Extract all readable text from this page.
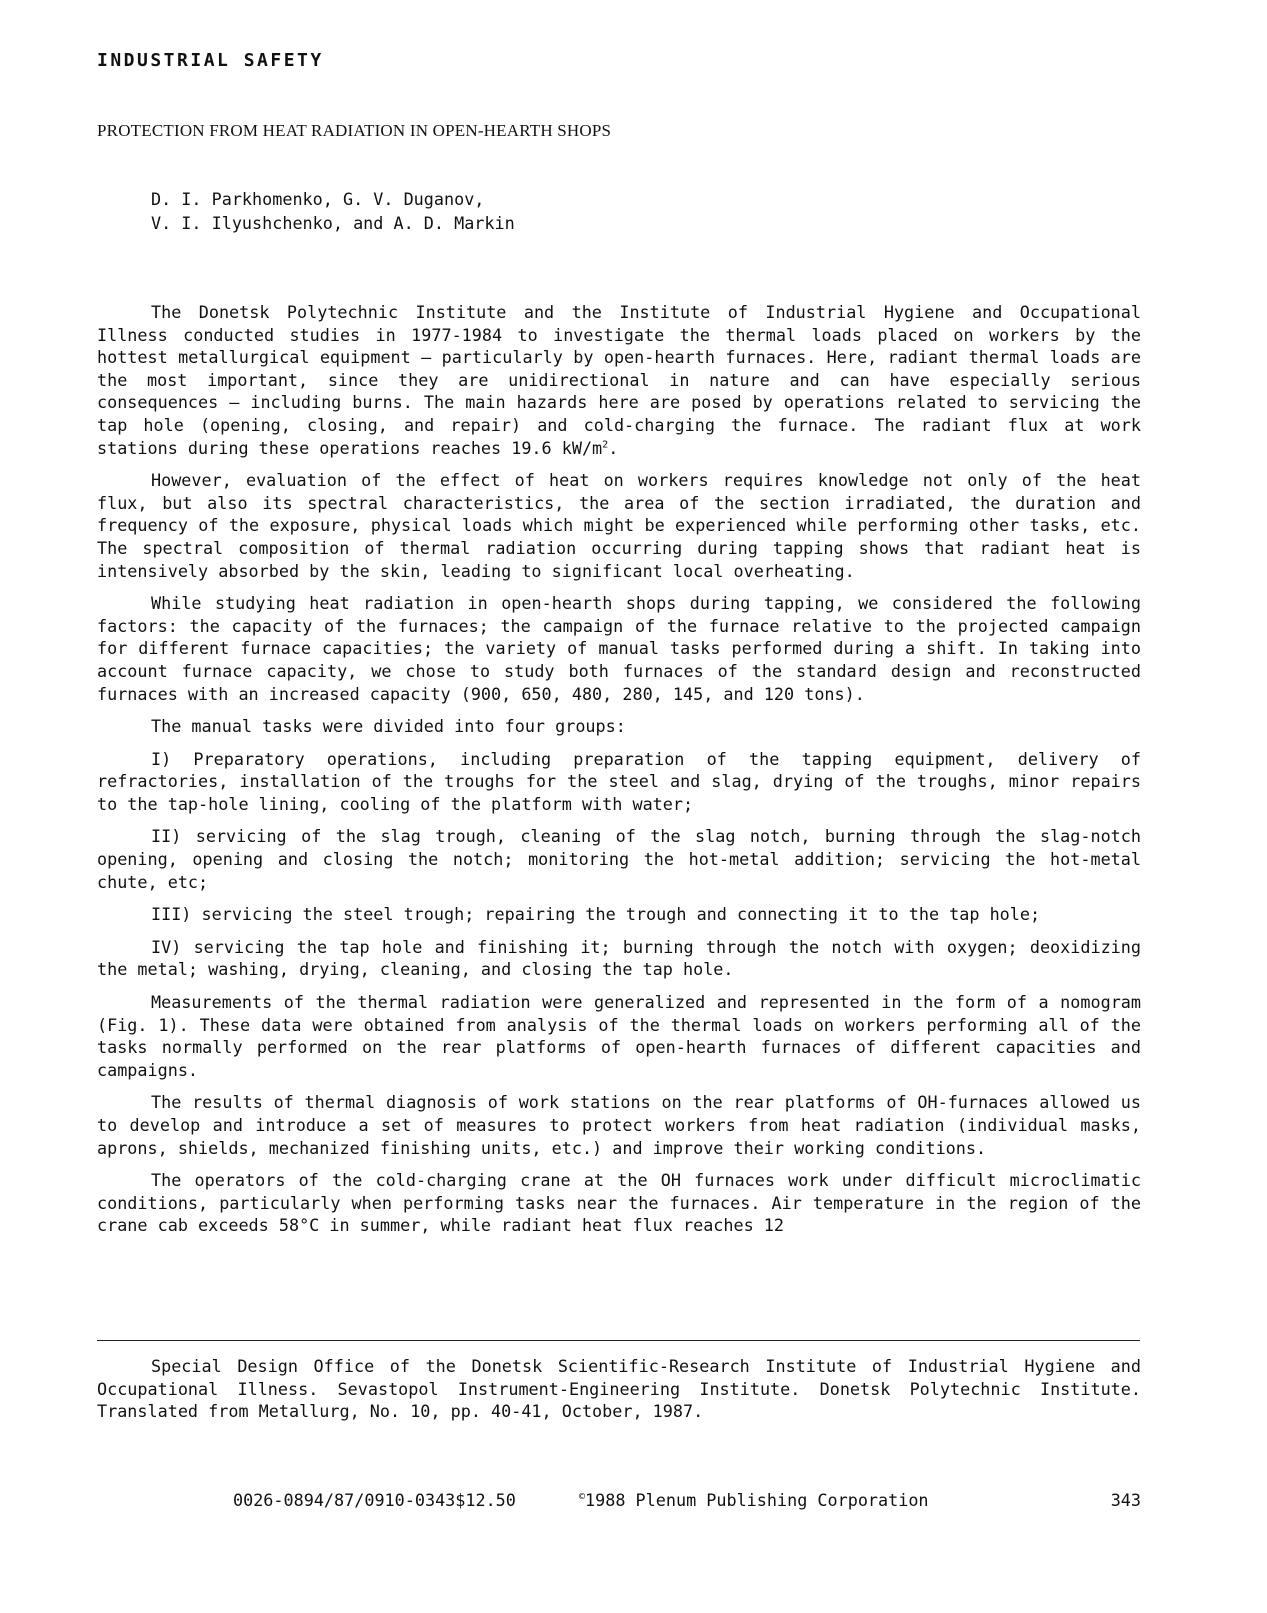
INDUSTRIAL SAFETY
PROTECTION FROM HEAT RADIATION IN OPEN-HEARTH SHOPS
D. I. Parkhomenko, G. V. Duganov,
V. I. Ilyushchenko, and A. D. Markin

The Donetsk Polytechnic Institute and the Institute of Industrial Hygiene and Occupational Illness conducted studies in 1977-1984 to investigate the thermal loads placed on workers by the hottest metallurgical equipment – particularly by open-hearth furnaces. Here, radiant thermal loads are the most important, since they are unidirectional in nature and can have especially serious consequences – including burns. The main hazards here are posed by operations related to servicing the tap hole (opening, closing, and repair) and cold-charging the furnace. The radiant flux at work stations during these operations reaches 19.6 $kW/m^2$.

However, evaluation of the effect of heat on workers requires knowledge not only of the heat flux, but also its spectral characteristics, the area of the section irradiated, the duration and frequency of the exposure, physical loads which might be experienced while performing other tasks, etc. The spectral composition of thermal radiation occurring during tapping shows that radiant heat is intensively absorbed by the skin, leading to significant local overheating.

While studying heat radiation in open-hearth shops during tapping, we considered the following factors: the capacity of the furnaces; the campaign of the furnace relative to the projected campaign for different furnace capacities; the variety of manual tasks performed during a shift. In taking into account furnace capacity, we chose to study both furnaces of the standard design and reconstructed furnaces with an increased capacity (900, 650, 480, 280, 145, and 120 tons).

The manual tasks were divided into four groups:

I) Preparatory operations, including preparation of the tapping equipment, delivery of refractories, installation of the troughs for the steel and slag, drying of the troughs, minor repairs to the tap-hole lining, cooling of the platform with water;

II) servicing of the slag trough, cleaning of the slag notch, burning through the slag-notch opening, opening and closing the notch; monitoring the hot-metal addition; servicing the hot-metal chute, etc;

III) servicing the steel trough; repairing the trough and connecting it to the tap hole;

IV) servicing the tap hole and finishing it; burning through the notch with oxygen; deoxidizing the metal; washing, drying, cleaning, and closing the tap hole.

Measurements of the thermal radiation were generalized and represented in the form of a nomogram (Fig. 1). These data were obtained from analysis of the thermal loads on workers performing all of the tasks normally performed on the rear platforms of open-hearth furnaces of different capacities and campaigns.

The results of thermal diagnosis of work stations on the rear platforms of OH-furnaces allowed us to develop and introduce a set of measures to protect workers from heat radiation (individual masks, aprons, shields, mechanized finishing units, etc.) and improve their working conditions.

The operators of the cold-charging crane at the OH furnaces work under difficult microclimatic conditions, particularly when performing tasks near the furnaces. Air temperature in the region of the crane cab exceeds 58°C in summer, while radiant heat flux reaches 12

Special Design Office of the Donetsk Scientific-Research Institute of Industrial Hygiene and Occupational Illness. Sevastopol Instrument-Engineering Institute. Donetsk Polytechnic Institute. Translated from Metallurg, No. 10, pp. 40-41, October, 1987.

0026-0894/87/0910-0343$12.50	©1988 Plenum Publishing Corporation	343
